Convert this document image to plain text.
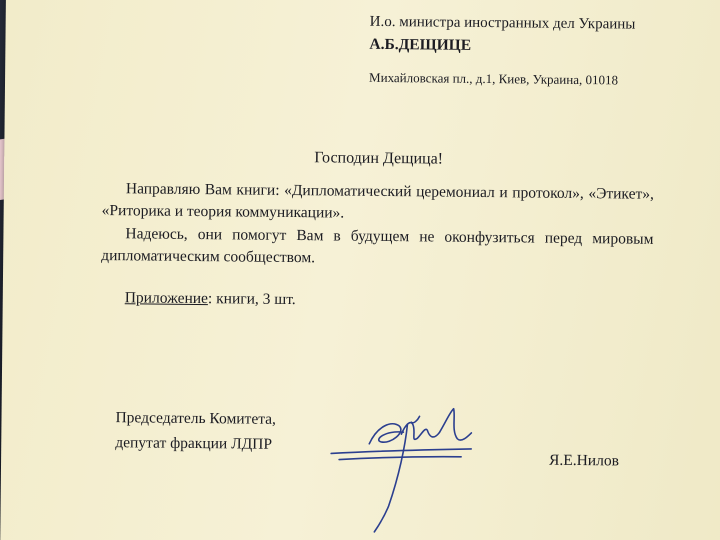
И.о. министра иностранных дел Украины
А.Б.ДЕЩИЦЕ
Михайловская пл., д.1, Киев, Украина, 01018
Господин Дещица!

Направляю Вам книги: «Дипломатический церемониал и протокол», «Этикет», «Риторика и теория коммуникации».

Надеюсь, они помогут Вам в будущем не оконфузиться перед мировым дипломатическим сообществом.

Приложение: книги, 3 шт.
Председатель Комитета,
депутат фракции ЛДПР
Я.Е.Нилов
